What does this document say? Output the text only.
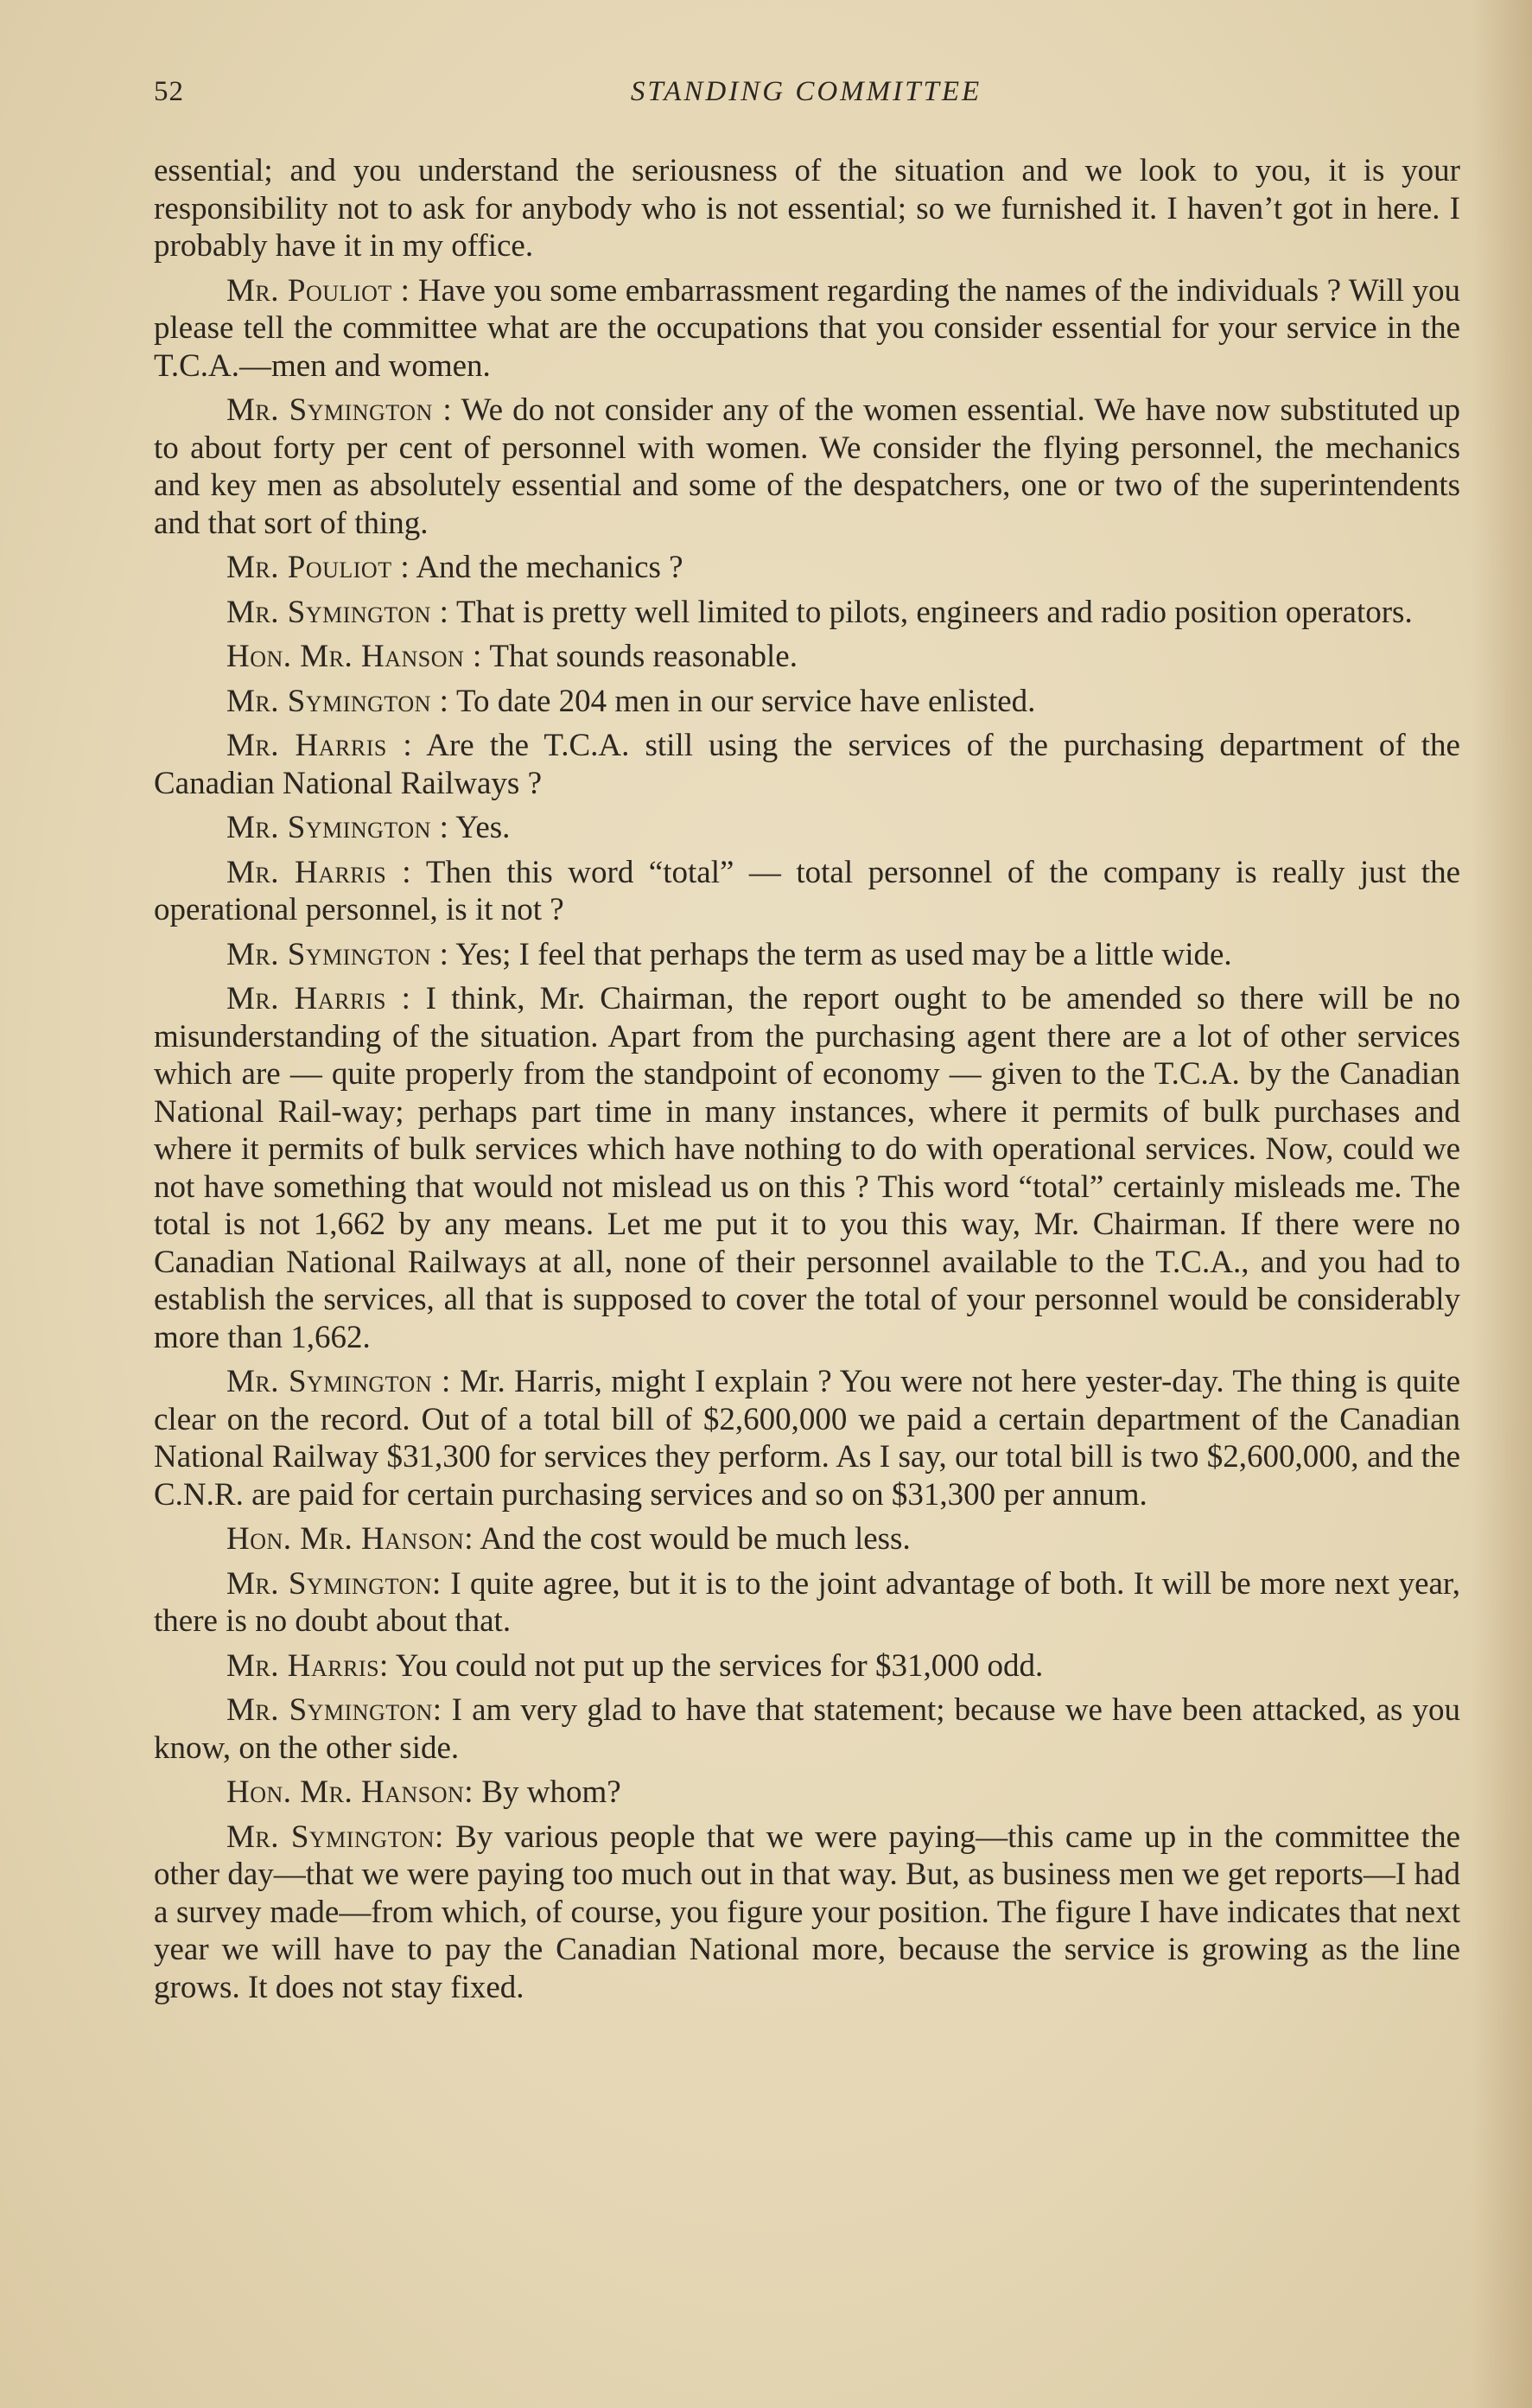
52	STANDING COMMITTEE

essential; and you understand the seriousness of the situation and we look to you, it is your responsibility not to ask for anybody who is not essential; so we furnished it. I haven’t got in here. I probably have it in my office.

Mr. Pouliot : Have you some embarrassment regarding the names of the individuals ? Will you please tell the committee what are the occupations that you consider essential for your service in the T.C.A.—men and women.

Mr. Symington : We do not consider any of the women essential. We have now substituted up to about forty per cent of personnel with women. We consider the flying personnel, the mechanics and key men as absolutely essential and some of the despatchers, one or two of the superintendents and that sort of thing.

Mr. Pouliot : And the mechanics ?

Mr. Symington : That is pretty well limited to pilots, engineers and radio position operators.

Hon. Mr. Hanson : That sounds reasonable.

Mr. Symington : To date 204 men in our service have enlisted.

Mr. Harris : Are the T.C.A. still using the services of the purchasing department of the Canadian National Railways ?

Mr. Symington : Yes.

Mr. Harris : Then this word “total” — total personnel of the company is really just the operational personnel, is it not ?

Mr. Symington : Yes; I feel that perhaps the term as used may be a little wide.

Mr. Harris : I think, Mr. Chairman, the report ought to be amended so there will be no misunderstanding of the situation. Apart from the purchasing agent there are a lot of other services which are — quite properly from the standpoint of economy — given to the T.C.A. by the Canadian National Rail-way; perhaps part time in many instances, where it permits of bulk purchases and where it permits of bulk services which have nothing to do with operational services. Now, could we not have something that would not mislead us on this ? This word “total” certainly misleads me. The total is not 1,662 by any means. Let me put it to you this way, Mr. Chairman. If there were no Canadian National Railways at all, none of their personnel available to the T.C.A., and you had to establish the services, all that is supposed to cover the total of your personnel would be considerably more than 1,662.

Mr. Symington : Mr. Harris, might I explain ? You were not here yester-day. The thing is quite clear on the record. Out of a total bill of $2,600,000 we paid a certain department of the Canadian National Railway $31,300 for services they perform. As I say, our total bill is two $2,600,000, and the C.N.R. are paid for certain purchasing services and so on $31,300 per annum.

Hon. Mr. Hanson: And the cost would be much less.

Mr. Symington: I quite agree, but it is to the joint advantage of both. It will be more next year, there is no doubt about that.

Mr. Harris: You could not put up the services for $31,000 odd.

Mr. Symington: I am very glad to have that statement; because we have been attacked, as you know, on the other side.

Hon. Mr. Hanson: By whom?

Mr. Symington: By various people that we were paying—this came up in the committee the other day—that we were paying too much out in that way. But, as business men we get reports—I had a survey made—from which, of course, you figure your position. The figure I have indicates that next year we will have to pay the Canadian National more, because the service is growing as the line grows. It does not stay fixed.
